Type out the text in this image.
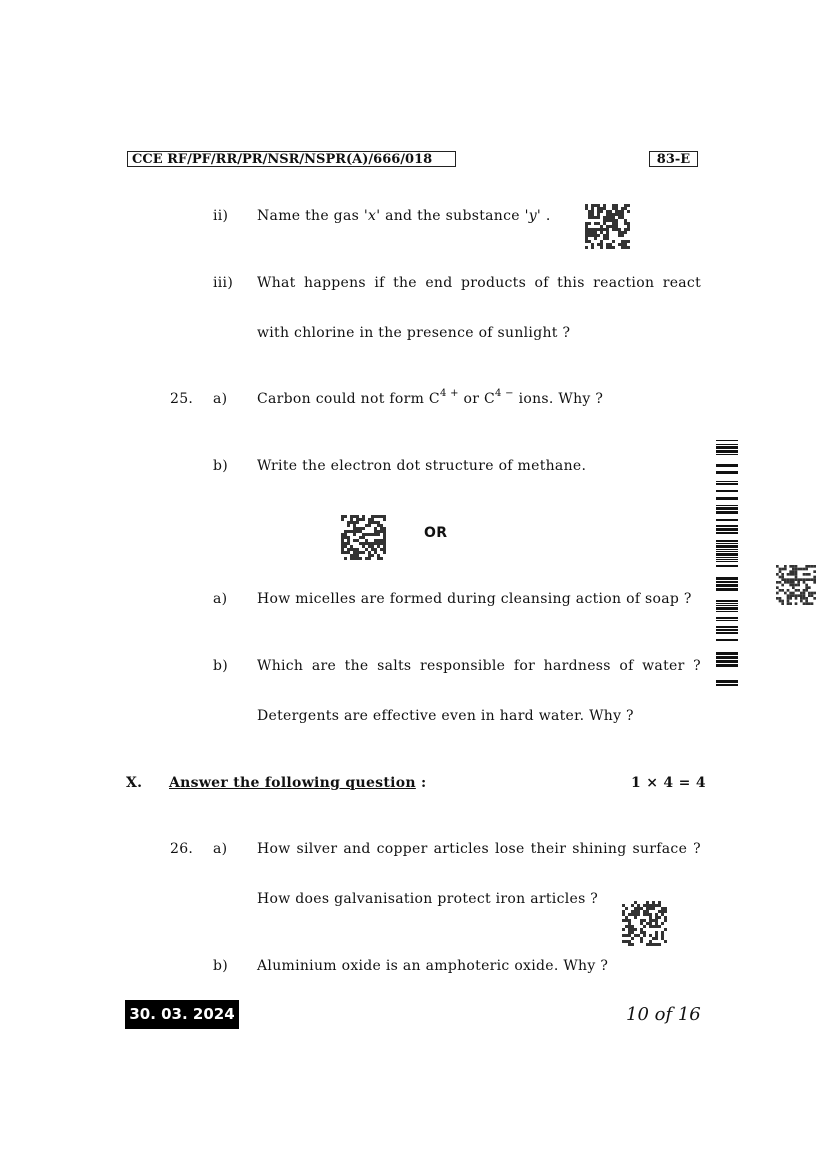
CCE RF/PF/RR/PR/NSR/NSPR(A)/666/018	83-E
ii) Name the gas 'x' and the substance 'y' .
iii) What happens if the end products of this reaction react
with chlorine in the presence of sunlight ?
25. a) Carbon could not form $C^{4 +}$ or $C^{4 -}$ ions. Why ?
b) Write the electron dot structure of methane.
OR
a) How micelles are formed during cleansing action of soap ?
b) Which are the salts responsible for hardness of water ?
Detergents are effective even in hard water. Why ?
X. Answer the following question :	1 × 4 = 4
26. a) How silver and copper articles lose their shining surface ?
How does galvanisation protect iron articles ?
b) Aluminium oxide is an amphoteric oxide. Why ?
30. 03. 2024	10 of 16
